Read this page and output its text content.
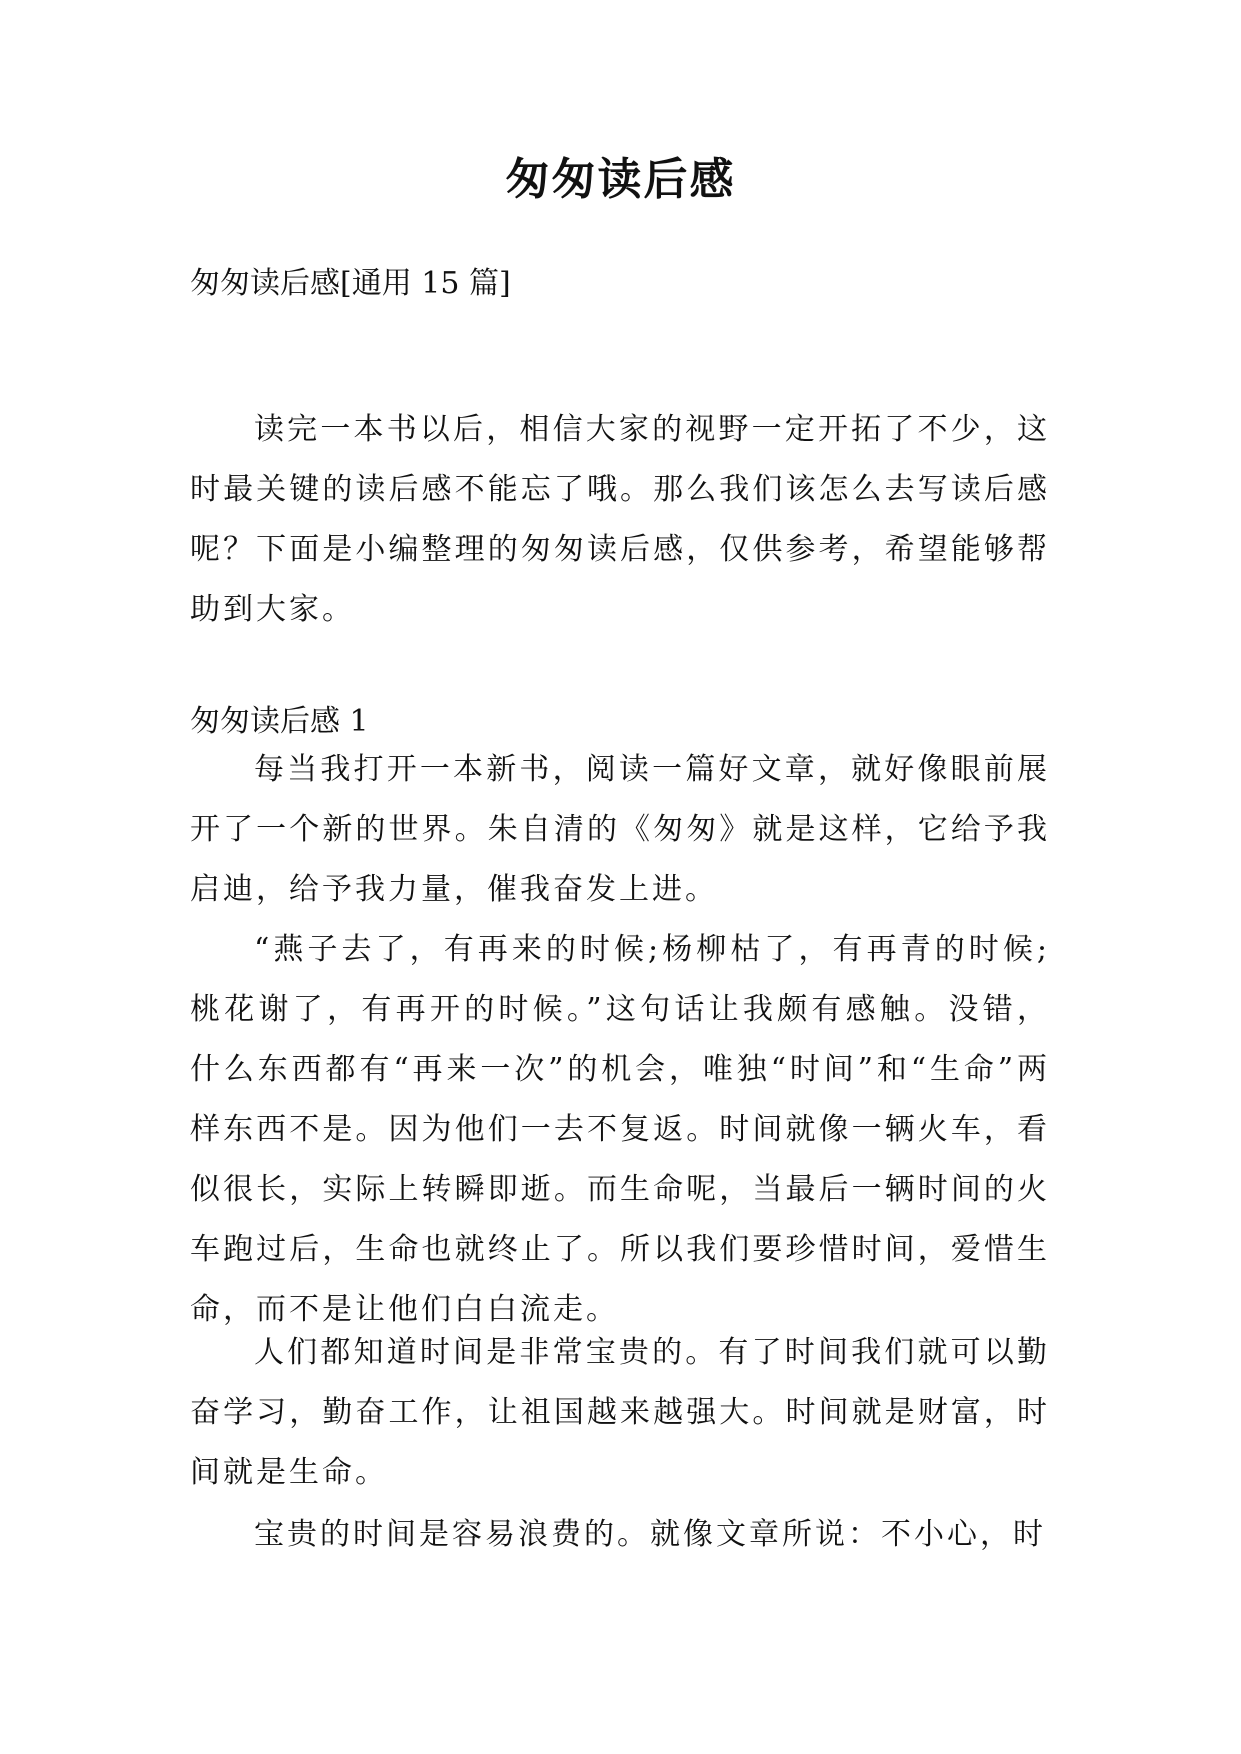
匆匆读后感
匆匆读后感[通用 15 篇]

读完一本书以后，相信大家的视野一定开拓了不少，这时最关键的读后感不能忘了哦。那么我们该怎么去写读后感呢？下面是小编整理的匆匆读后感，仅供参考，希望能够帮助到大家。

匆匆读后感 1

每当我打开一本新书，阅读一篇好文章，就好像眼前展开了一个新的世界。朱自清的《匆匆》就是这样，它给予我启迪，给予我力量，催我奋发上进。

“燕子去了，有再来的时候;杨柳枯了，有再青的时候;桃花谢了，有再开的时候。”这句话让我颇有感触。没错，什么东西都有“再来一次”的机会，唯独“时间”和“生命”两样东西不是。因为他们一去不复返。时间就像一辆火车，看似很长，实际上转瞬即逝。而生命呢，当最后一辆时间的火车跑过后，生命也就终止了。所以我们要珍惜时间，爱惜生命，而不是让他们白白流走。

人们都知道时间是非常宝贵的。有了时间我们就可以勤奋学习，勤奋工作，让祖国越来越强大。时间就是财富，时间就是生命。

宝贵的时间是容易浪费的。就像文章所说：不小心，时
